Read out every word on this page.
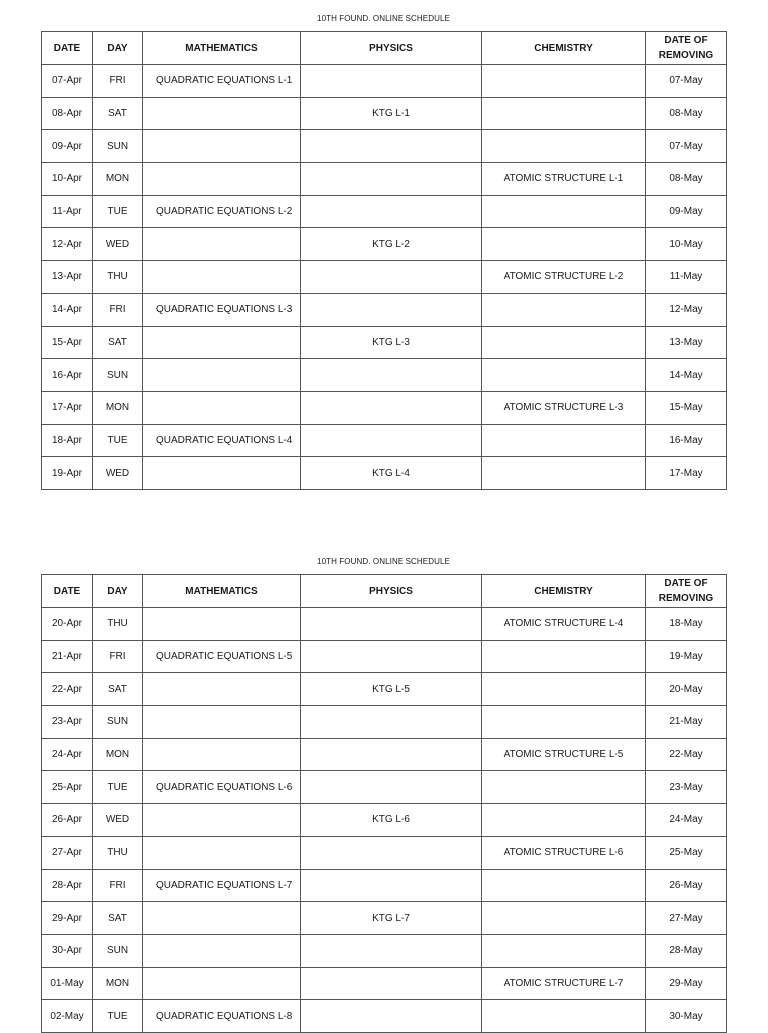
10TH FOUND. ONLINE SCHEDULE
DATE	DAY	MATHEMATICS	PHYSICS	CHEMISTRY	DATE OF
REMOVING
07-Apr	FRI	QUADRATIC EQUATIONS L-1			07-May
08-Apr	SAT		KTG L-1		08-May
09-Apr	SUN				07-May
10-Apr	MON			ATOMIC STRUCTURE L-1	08-May
11-Apr	TUE	QUADRATIC EQUATIONS L-2			09-May
12-Apr	WED		KTG L-2		10-May
13-Apr	THU			ATOMIC STRUCTURE L-2	11-May
14-Apr	FRI	QUADRATIC EQUATIONS L-3			12-May
15-Apr	SAT		KTG L-3		13-May
16-Apr	SUN				14-May
17-Apr	MON			ATOMIC STRUCTURE L-3	15-May
18-Apr	TUE	QUADRATIC EQUATIONS L-4			16-May
19-Apr	WED		KTG L-4		17-May
10TH FOUND. ONLINE SCHEDULE
DATE	DAY	MATHEMATICS	PHYSICS	CHEMISTRY	DATE OF
REMOVING
20-Apr	THU			ATOMIC STRUCTURE L-4	18-May
21-Apr	FRI	QUADRATIC EQUATIONS L-5			19-May
22-Apr	SAT		KTG L-5		20-May
23-Apr	SUN				21-May
24-Apr	MON			ATOMIC STRUCTURE L-5	22-May
25-Apr	TUE	QUADRATIC EQUATIONS L-6			23-May
26-Apr	WED		KTG L-6		24-May
27-Apr	THU			ATOMIC STRUCTURE L-6	25-May
28-Apr	FRI	QUADRATIC EQUATIONS L-7			26-May
29-Apr	SAT		KTG L-7		27-May
30-Apr	SUN				28-May
01-May	MON			ATOMIC STRUCTURE L-7	29-May
02-May	TUE	QUADRATIC EQUATIONS L-8			30-May
